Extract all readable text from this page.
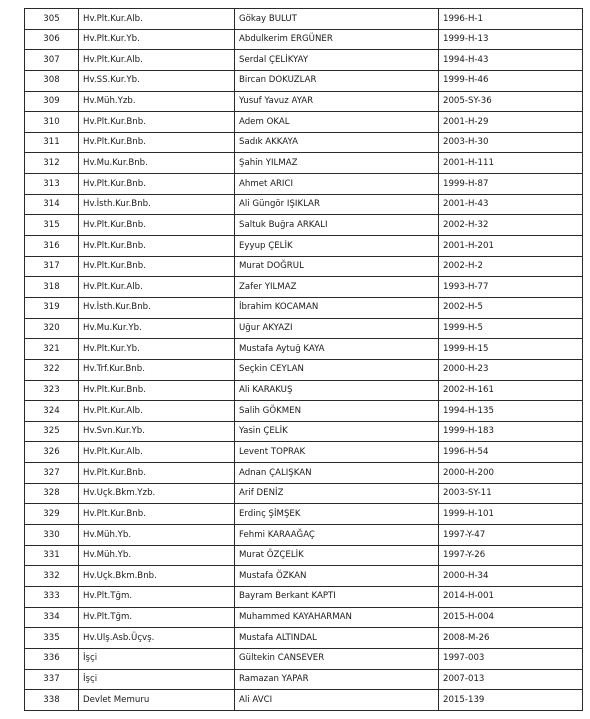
305	Hv.Plt.Kur.Alb.	Gökay BULUT	1996-H-1
306	Hv.Plt.Kur.Yb.	Abdulkerim ERGÜNER	1999-H-13
307	Hv.Plt.Kur.Alb.	Serdal ÇELİKYAY	1994-H-43
308	Hv.SS.Kur.Yb.	Bircan DOKUZLAR	1999-H-46
309	Hv.Müh.Yzb.	Yusuf Yavuz AYAR	2005-SY-36
310	Hv.Plt.Kur.Bnb.	Adem OKAL	2001-H-29
311	Hv.Plt.Kur.Bnb.	Sadık AKKAYA	2003-H-30
312	Hv.Mu.Kur.Bnb.	Şahin YILMAZ	2001-H-111
313	Hv.Plt.Kur.Bnb.	Ahmet ARICI	1999-H-87
314	Hv.İsth.Kur.Bnb.	Ali Güngör IŞIKLAR	2001-H-43
315	Hv.Plt.Kur.Bnb.	Saltuk Buğra ARKALI	2002-H-32
316	Hv.Plt.Kur.Bnb.	Eyyup ÇELİK	2001-H-201
317	Hv.Plt.Kur.Bnb.	Murat DOĞRUL	2002-H-2
318	Hv.Plt.Kur.Alb.	Zafer YILMAZ	1993-H-77
319	Hv.İsth.Kur.Bnb.	İbrahim KOCAMAN	2002-H-5
320	Hv.Mu.Kur.Yb.	Uğur AKYAZI	1999-H-5
321	Hv.Plt.Kur.Yb.	Mustafa Aytuğ KAYA	1999-H-15
322	Hv.Trf.Kur.Bnb.	Seçkin CEYLAN	2000-H-23
323	Hv.Plt.Kur.Bnb.	Ali KARAKUŞ	2002-H-161
324	Hv.Plt.Kur.Alb.	Salih GÖKMEN	1994-H-135
325	Hv.Svn.Kur.Yb.	Yasin ÇELİK	1999-H-183
326	Hv.Plt.Kur.Alb.	Levent TOPRAK	1996-H-54
327	Hv.Plt.Kur.Bnb.	Adnan ÇALIŞKAN	2000-H-200
328	Hv.Uçk.Bkm.Yzb.	Arif DENİZ	2003-SY-11
329	Hv.Plt.Kur.Bnb.	Erdinç ŞİMŞEK	1999-H-101
330	Hv.Müh.Yb.	Fehmi KARAAĞAÇ	1997-Y-47
331	Hv.Müh.Yb.	Murat ÖZÇELİK	1997-Y-26
332	Hv.Uçk.Bkm.Bnb.	Mustafa ÖZKAN	2000-H-34
333	Hv.Plt.Tğm.	Bayram Berkant KAPTI	2014-H-001
334	Hv.Plt.Tğm.	Muhammed KAYAHARMAN	2015-H-004
335	Hv.Ulş.Asb.Üçvş.	Mustafa ALTINDAL	2008-M-26
336	İşçi	Gültekin CANSEVER	1997-003
337	İşçi	Ramazan YAPAR	2007-013
338	Devlet Memuru	Ali AVCI	2015-139
